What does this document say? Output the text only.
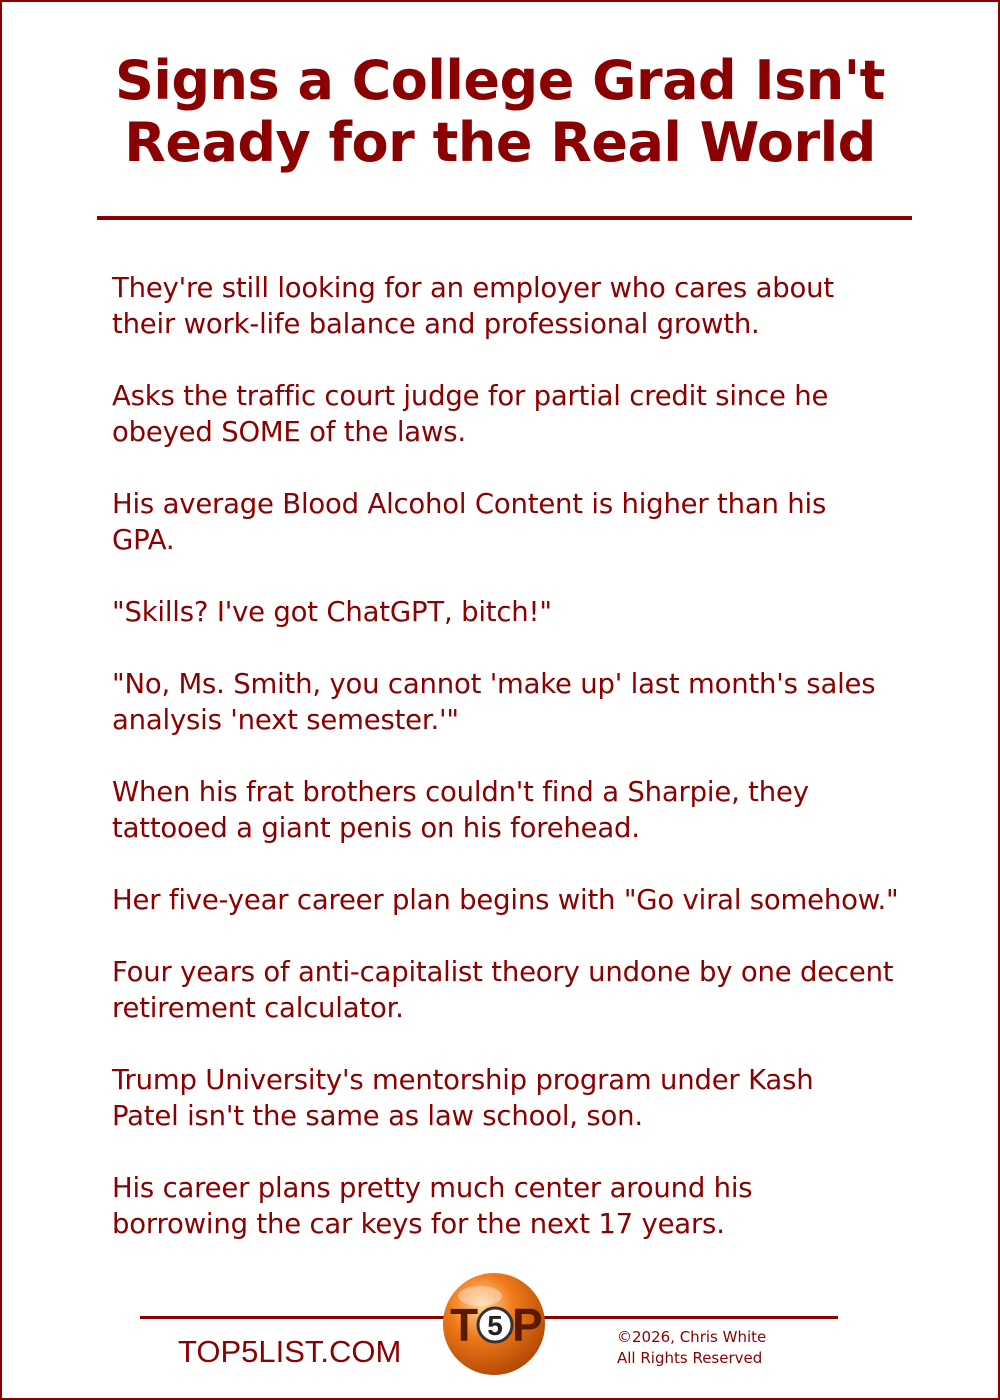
Signs a College Grad Isn't
Ready for the Real World
They're still looking for an employer who cares about
their work-life balance and professional growth.
Asks the traffic court judge for partial credit since he
obeyed SOME of the laws.
His average Blood Alcohol Content is higher than his
GPA.
"Skills? I've got ChatGPT, bitch!"
"No, Ms. Smith, you cannot 'make up' last month's sales
analysis 'next semester.'"
When his frat brothers couldn't find a Sharpie, they
tattooed a giant penis on his forehead.
Her five-year career plan begins with "Go viral somehow."
Four years of anti-capitalist theory undone by one decent
retirement calculator.
Trump University's mentorship program under Kash
Patel isn't the same as law school, son.
His career plans pretty much center around his
borrowing the car keys for the next 17 years.
TOP5LIST.COM
T 5 P	©2026, Chris White
All Rights Reserved
